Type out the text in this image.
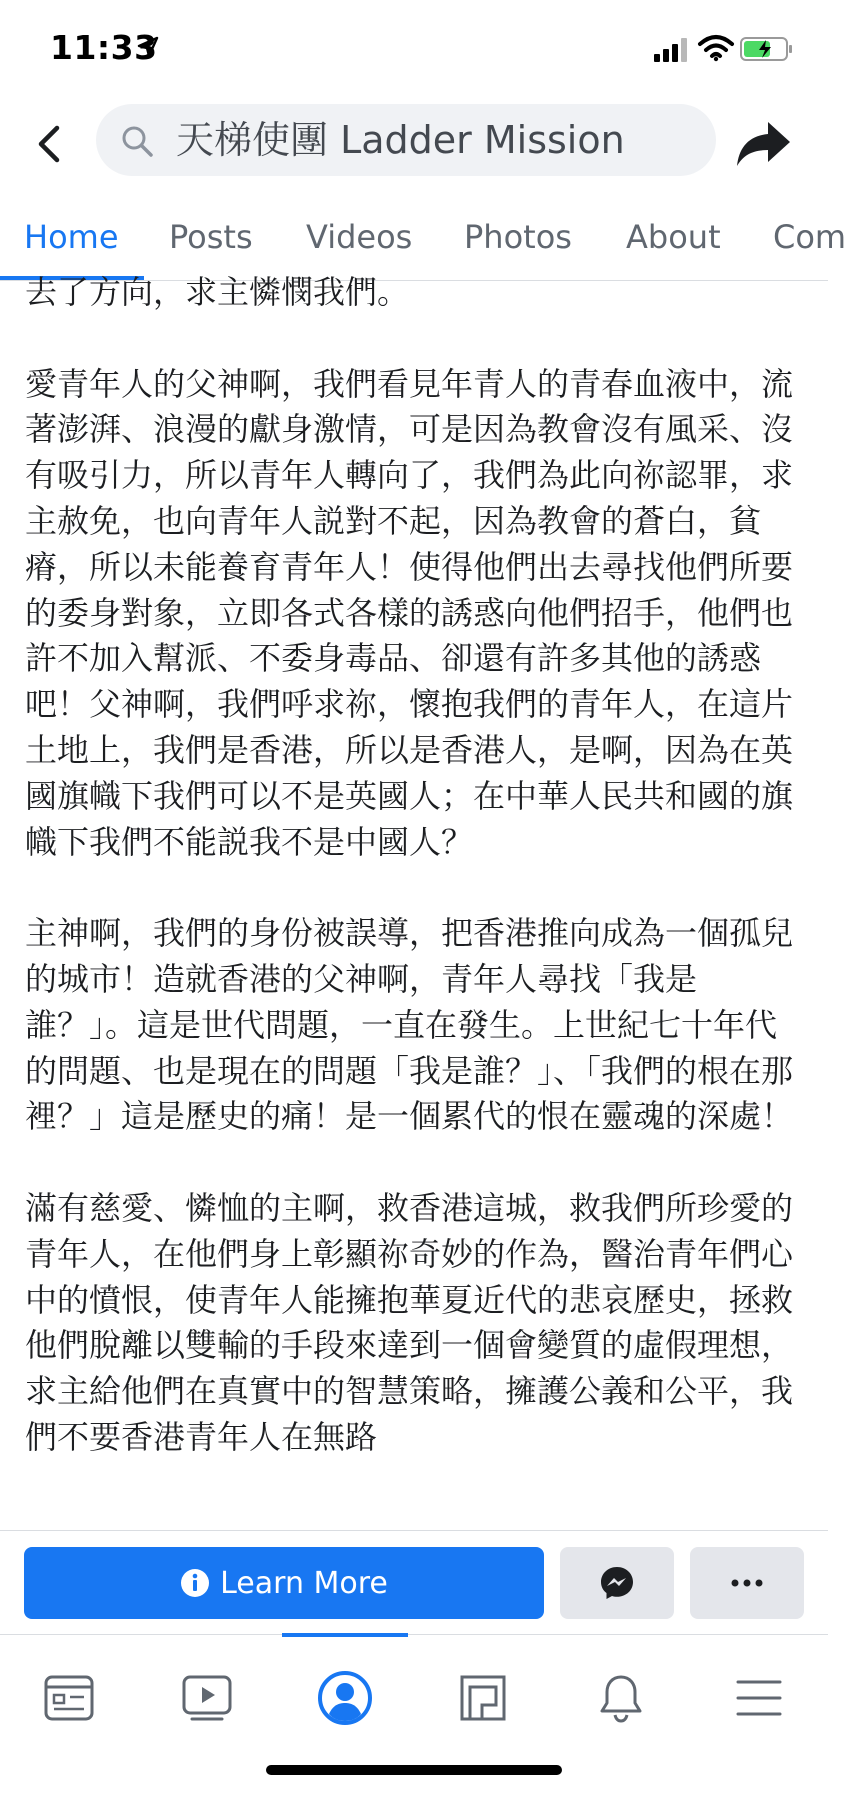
11:33
天梯使團 Ladder Mission
Home Posts Videos Photos About Com

去了方向，求主憐憫我們。

愛青年人的父神啊，我們看見年青人的青春血液中，流著澎湃、浪漫的獻身激情，可是因為教會沒有風采、沒有吸引力，所以青年人轉向了，我們為此向祢認罪，求主赦免，也向青年人説對不起，因為教會的蒼白，貧瘠，所以未能養育青年人！使得他們出去尋找他們所要的委身對象，立即各式各樣的誘惑向他們招手，他們也許不加入幫派、不委身毒品、卻還有許多其他的誘惑吧！父神啊，我們呼求祢，懷抱我們的青年人，在這片土地上，我們是香港，所以是香港人，是啊，因為在英國旗幟下我們可以不是英國人；在中華人民共和國的旗幟下我們不能説我不是中國人？

主神啊，我們的身份被誤導，把香港推向成為一個孤兒的城市！造就香港的父神啊，青年人尋找「我是誰？」。這是世代問題，一直在發生。上世紀七十年代的問題、也是現在的問題「我是誰？」、「我們的根在那裡？」這是歷史的痛！是一個累代的恨在靈魂的深處！

滿有慈愛、憐恤的主啊，救香港這城，救我們所珍愛的青年人，在他們身上彰顯祢奇妙的作為，醫治青年們心中的憤恨，使青年人能擁抱華夏近代的悲哀歷史，拯救他們脫離以雙輸的手段來達到一個會變質的虛假理想，求主給他們在真實中的智慧策略，擁護公義和公平，我們不要香港青年人在無路

Learn More
